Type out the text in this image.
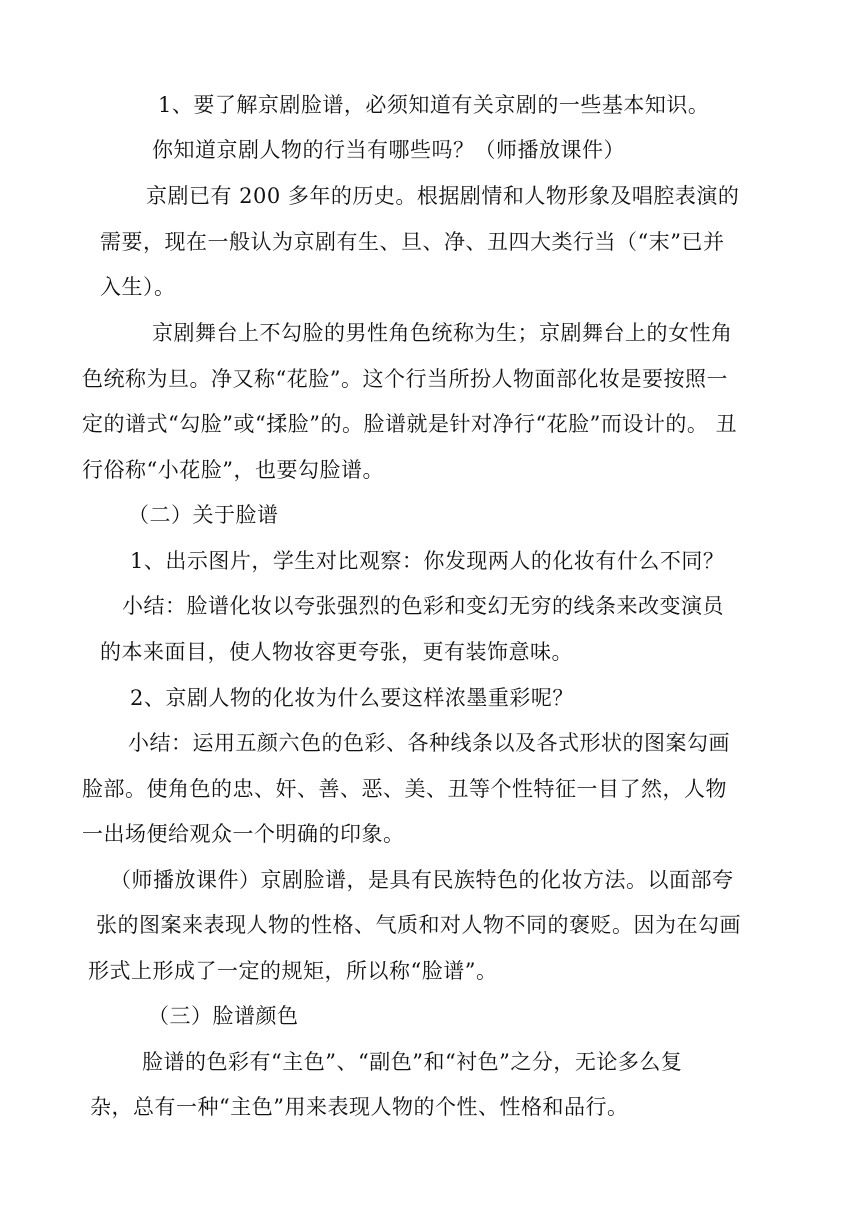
1、要了解京剧脸谱，必须知道有关京剧的一些基本知识。
你知道京剧人物的行当有哪些吗？（师播放课件）
京剧已有 200 多年的历史。根据剧情和人物形象及唱腔表演的
需要，现在一般认为京剧有生、旦、净、丑四大类行当（“末”已并
入生）。
京剧舞台上不勾脸的男性角色统称为生；京剧舞台上的女性角
色统称为旦。净又称“花脸”。这个行当所扮人物面部化妆是要按照一
定的谱式“勾脸”或“揉脸”的。脸谱就是针对净行“花脸”而设计的。 丑
行俗称“小花脸”，也要勾脸谱。
（二）关于脸谱
1、出示图片，学生对比观察：你发现两人的化妆有什么不同？
小结：脸谱化妆以夸张强烈的色彩和变幻无穷的线条来改变演员
的本来面目，使人物妆容更夸张，更有装饰意味。
2、京剧人物的化妆为什么要这样浓墨重彩呢？
小结：运用五颜六色的色彩、各种线条以及各式形状的图案勾画
脸部。使角色的忠、奸、善、恶、美、丑等个性特征一目了然，人物
一出场便给观众一个明确的印象。
（师播放课件）京剧脸谱，是具有民族特色的化妆方法。以面部夸
张的图案来表现人物的性格、气质和对人物不同的褒贬。因为在勾画
形式上形成了一定的规矩，所以称“脸谱”。
（三）脸谱颜色
脸谱的色彩有“主色”、“副色”和“衬色”之分，无论多么复
杂，总有一种“主色”用来表现人物的个性、性格和品行。
